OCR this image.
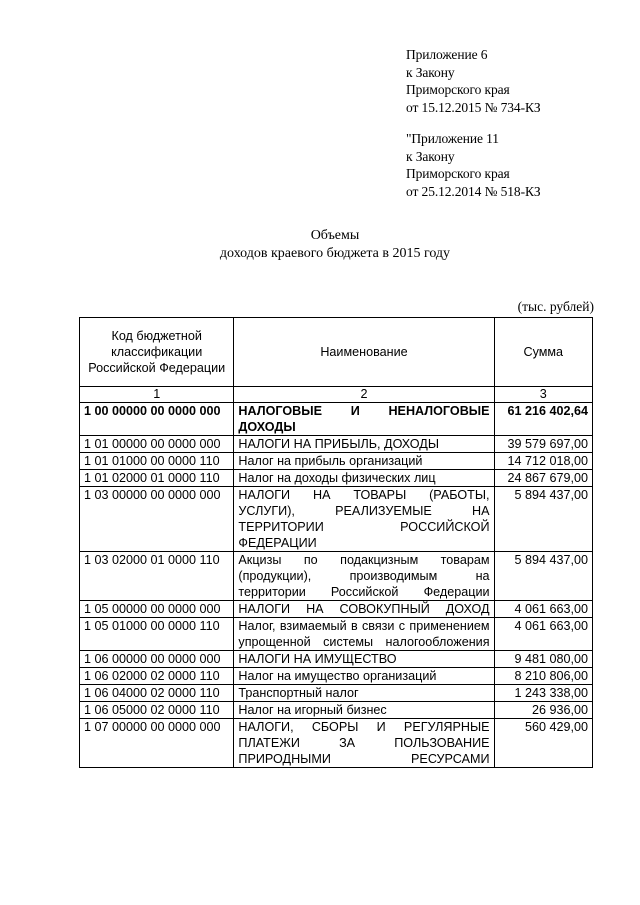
Приложение 6
к Закону
Приморского края
от 15.12.2015 № 734-КЗ
"Приложение 11
к Закону
Приморского края
от 25.12.2014 № 518-КЗ
Объемы
доходов краевого бюджета в 2015 году
(тыс. рублей)
Код бюджетной классификации Российской Федерации	Наименование	Сумма
1	2	3
1 00 00000 00 0000 000	НАЛОГОВЫЕ И НЕНАЛОГОВЫЕ ДОХОДЫ	61 216 402,64
1 01 00000 00 0000 000	НАЛОГИ НА ПРИБЫЛЬ, ДОХОДЫ	39 579 697,00
1 01 01000 00 0000 110	Налог на прибыль организаций	14 712 018,00
1 01 02000 01 0000 110	Налог на доходы физических лиц	24 867 679,00
1 03 00000 00 0000 000	НАЛОГИ НА ТОВАРЫ (РАБОТЫ, УСЛУГИ), РЕАЛИЗУЕМЫЕ НА ТЕРРИТОРИИ РОССИЙСКОЙ ФЕДЕРАЦИИ	5 894 437,00
1 03 02000 01 0000 110	Акцизы по подакцизным товарам (продукции), производимым на территории Российской Федерации	5 894 437,00
1 05 00000 00 0000 000	НАЛОГИ НА СОВОКУПНЫЙ ДОХОД	4 061 663,00
1 05 01000 00 0000 110	Налог, взимаемый в связи с применением упрощенной системы налогообложения	4 061 663,00
1 06 00000 00 0000 000	НАЛОГИ НА ИМУЩЕСТВО	9 481 080,00
1 06 02000 02 0000 110	Налог на имущество организаций	8 210 806,00
1 06 04000 02 0000 110	Транспортный налог	1 243 338,00
1 06 05000 02 0000 110	Налог на игорный бизнес	26 936,00
1 07 00000 00 0000 000	НАЛОГИ, СБОРЫ И РЕГУЛЯРНЫЕ ПЛАТЕЖИ ЗА ПОЛЬЗОВАНИЕ ПРИРОДНЫМИ РЕСУРСАМИ	560 429,00
